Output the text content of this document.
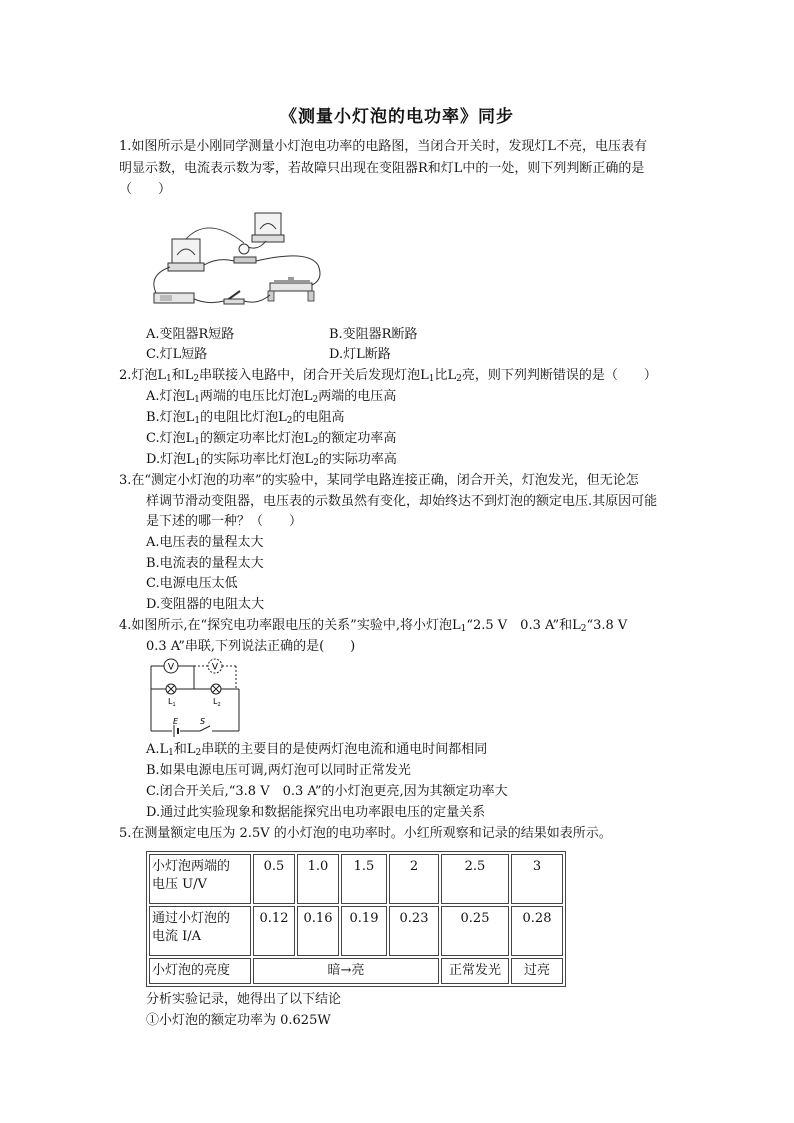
《测量小灯泡的电功率》同步
1.如图所示是小刚同学测量小灯泡电功率的电路图，当闭合开关时，发现灯L不亮，电压表有
明显示数，电流表示数为零，若故障只出现在变阻器R和灯L中的一处，则下列判断正确的是
（　　）
A.变阻器R短路	B.变阻器R断路
C.灯L短路	D.灯L断路
2.灯泡$L_1$和$L_2$串联接入电路中，闭合开关后发现灯泡$L_1$比$L_2$亮，则下列判断错误的是（　　）
A.灯泡$L_1$两端的电压比灯泡$L_2$两端的电压高
B.灯泡$L_1$的电阻比灯泡$L_2$的电阻高
C.灯泡$L_1$的额定功率比灯泡$L_2$的额定功率高
D.灯泡$L_1$的实际功率比灯泡$L_2$的实际功率高
3.在“测定小灯泡的功率”的实验中，某同学电路连接正确，闭合开关，灯泡发光，但无论怎
样调节滑动变阻器，电压表的示数虽然有变化，却始终达不到灯泡的额定电压.其原因可能
是下述的哪一种？（　　）
A.电压表的量程太大
B.电流表的量程太大
C.电源电压太低
D.变阻器的电阻太大
4.如图所示,在“探究电功率跟电压的关系”实验中,将小灯泡$L_1“2.5$ V　0.3 A”和$L_2“3.8$ V
0.3 A”串联,下列说法正确的是(　　)
V	V
$L_1$	$L_2$
E	S
$A.L_1$和$L_2$串联的主要目的是使两灯泡电流和通电时间都相同
B.如果电源电压可调,两灯泡可以同时正常发光
C.闭合开关后,“3.8 V　0.3 A”的小灯泡更亮,因为其额定功率大
D.通过此实验现象和数据能探究出电功率跟电压的定量关系
5.在测量额定电压为 2.5V 的小灯泡的电功率时。小红所观察和记录的结果如表所示。
小灯泡两端的
电压 U/V	0.5	1.0	1.5	2	2.5	3
通过小灯泡的
电流 I/A	0.12	0.16	0.19	0.23	0.25	0.28
小灯泡的亮度	暗→亮				正常发光	过亮
分析实验记录，她得出了以下结论
①小灯泡的额定功率为 0.625W
